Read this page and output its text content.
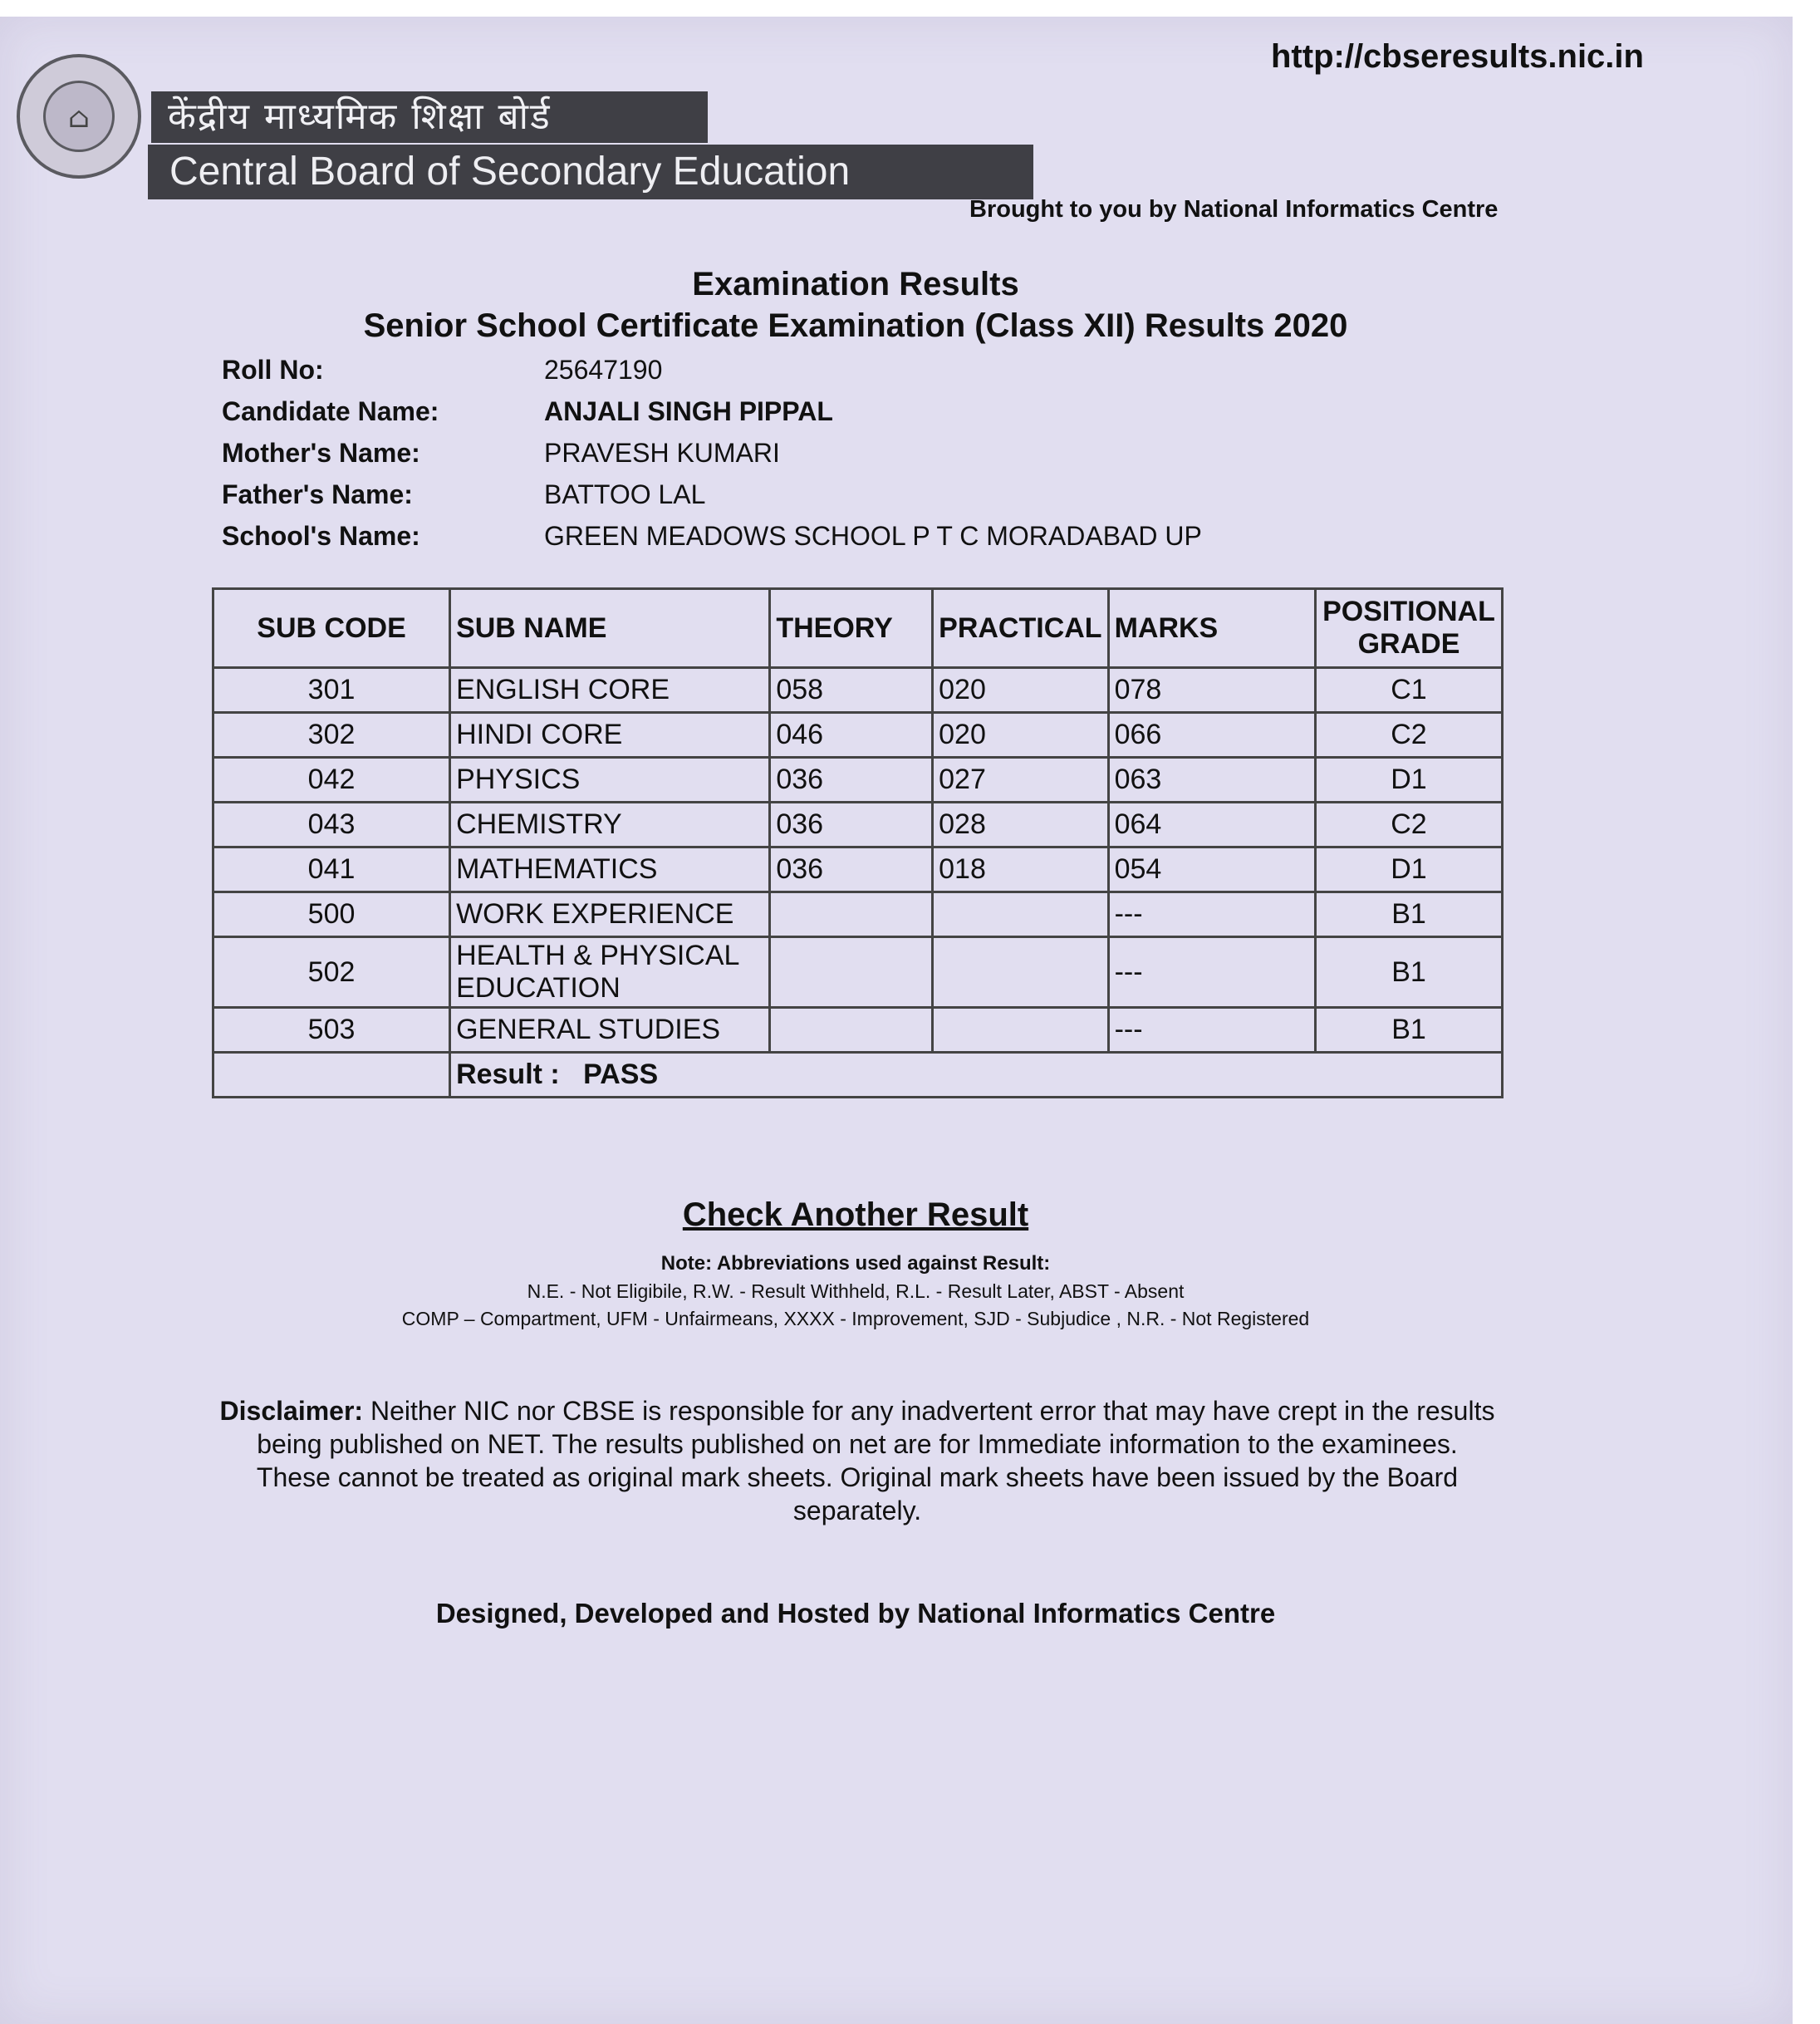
⌂	केंद्रीय माध्यमिक शिक्षा बोर्ड
Central Board of Secondary Education
http://cbseresults.nic.in
Brought to you by National Informatics Centre
Examination Results
Senior School Certificate Examination (Class XII) Results 2020
Roll No:	25647190
Candidate Name:	ANJALI SINGH PIPPAL
Mother's Name:	PRAVESH KUMARI
Father's Name:	BATTOO LAL
School's Name:	GREEN MEADOWS SCHOOL P T C MORADABAD UP
SUB CODE	SUB NAME	THEORY	PRACTICAL	MARKS	POSITIONAL
GRADE
301	ENGLISH CORE	058	020	078	C1
302	HINDI CORE	046	020	066	C2
042	PHYSICS	036	027	063	D1
043	CHEMISTRY	036	028	064	C2
041	MATHEMATICS	036	018	054	D1
500	WORK EXPERIENCE			---	B1
502	HEALTH & PHYSICAL
EDUCATION			---	B1
503	GENERAL STUDIES			---	B1
	Result : PASS				
Check Another Result
Note: Abbreviations used against Result:
N.E. - Not Eligibile, R.W. - Result Withheld, R.L. - Result Later, ABST - Absent
COMP – Compartment, UFM - Unfairmeans, XXXX - Improvement, SJD - Subjudice , N.R. - Not Registered
Disclaimer: Neither NIC nor CBSE is responsible for any inadvertent error that may have crept in the results being published on NET. The results published on net are for Immediate information to the examinees. These cannot be treated as original mark sheets. Original mark sheets have been issued by the Board separately.
Designed, Developed and Hosted by National Informatics Centre
